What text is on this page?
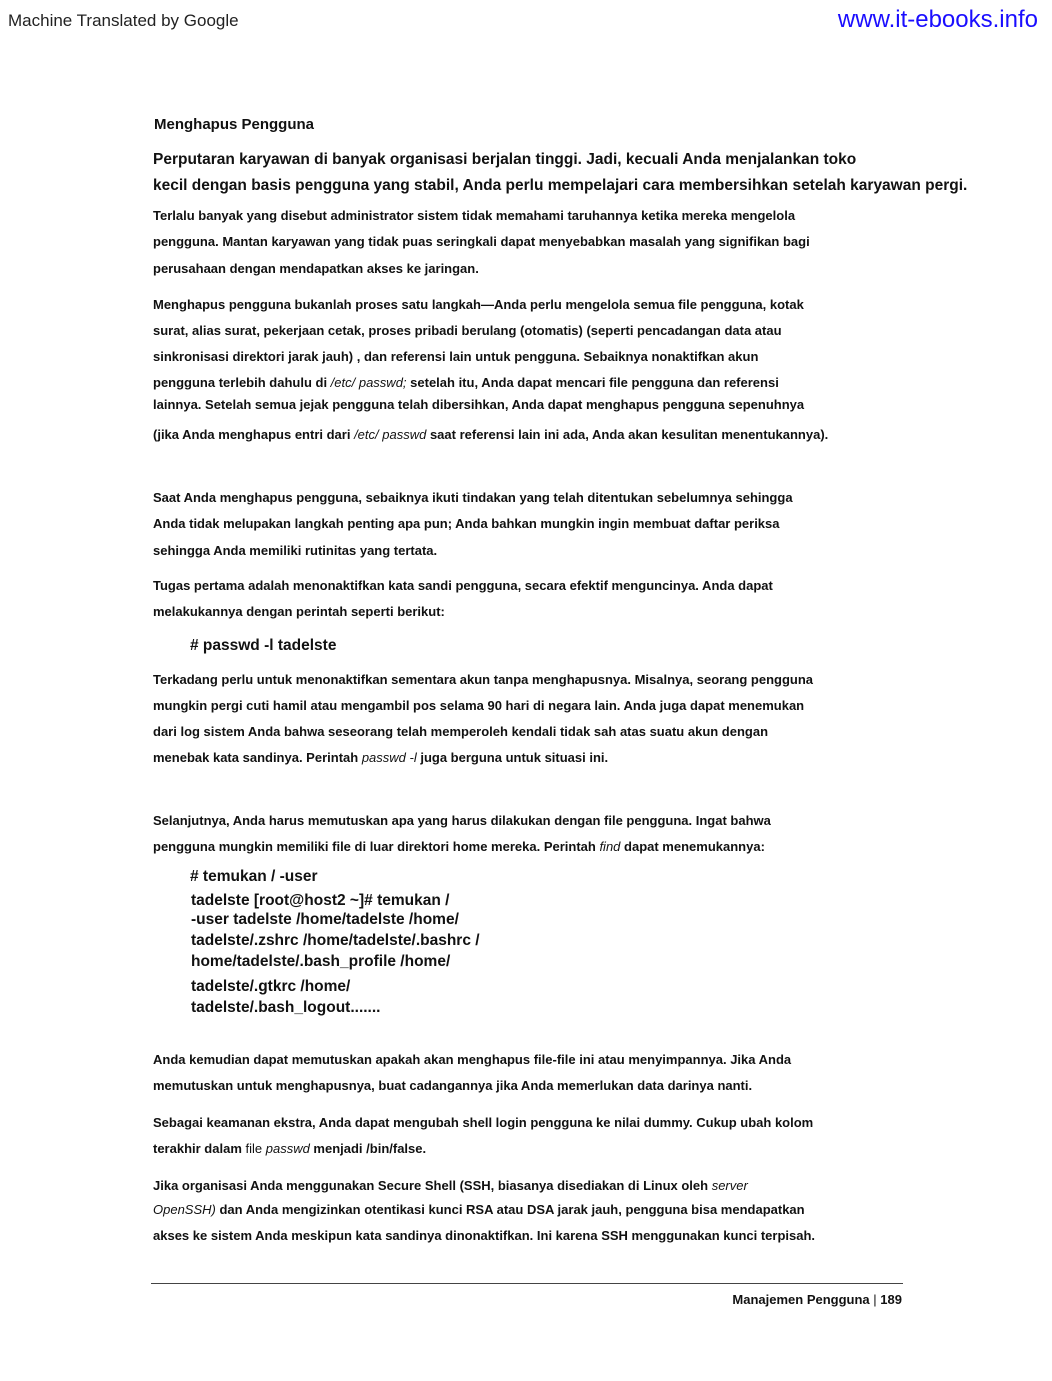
Machine Translated by Google	www.it-ebooks.info
Menghapus Pengguna
Perputaran karyawan di banyak organisasi berjalan tinggi. Jadi, kecuali Anda menjalankan toko
kecil dengan basis pengguna yang stabil, Anda perlu mempelajari cara membersihkan setelah karyawan pergi.
Terlalu banyak yang disebut administrator sistem tidak memahami taruhannya ketika mereka mengelola
pengguna. Mantan karyawan yang tidak puas seringkali dapat menyebabkan masalah yang signifikan bagi
perusahaan dengan mendapatkan akses ke jaringan.
Menghapus pengguna bukanlah proses satu langkah—Anda perlu mengelola semua file pengguna, kotak
surat, alias surat, pekerjaan cetak, proses pribadi berulang (otomatis) (seperti pencadangan data atau
sinkronisasi direktori jarak jauh) , dan referensi lain untuk pengguna. Sebaiknya nonaktifkan akun
pengguna terlebih dahulu di /etc/ passwd; setelah itu, Anda dapat mencari file pengguna dan referensi
lainnya. Setelah semua jejak pengguna telah dibersihkan, Anda dapat menghapus pengguna sepenuhnya
(jika Anda menghapus entri dari /etc/ passwd saat referensi lain ini ada, Anda akan kesulitan menentukannya).
Saat Anda menghapus pengguna, sebaiknya ikuti tindakan yang telah ditentukan sebelumnya sehingga
Anda tidak melupakan langkah penting apa pun; Anda bahkan mungkin ingin membuat daftar periksa
sehingga Anda memiliki rutinitas yang tertata.
Tugas pertama adalah menonaktifkan kata sandi pengguna, secara efektif menguncinya. Anda dapat
melakukannya dengan perintah seperti berikut:
# passwd -l tadelste
Terkadang perlu untuk menonaktifkan sementara akun tanpa menghapusnya. Misalnya, seorang pengguna
mungkin pergi cuti hamil atau mengambil pos selama 90 hari di negara lain. Anda juga dapat menemukan
dari log sistem Anda bahwa seseorang telah memperoleh kendali tidak sah atas suatu akun dengan
menebak kata sandinya. Perintah passwd -l juga berguna untuk situasi ini.
Selanjutnya, Anda harus memutuskan apa yang harus dilakukan dengan file pengguna. Ingat bahwa
pengguna mungkin memiliki file di luar direktori home mereka. Perintah find dapat menemukannya:
# temukan / -user
tadelste [root@host2 ~]# temukan /
-user tadelste /home/tadelste /home/
tadelste/.zshrc /home/tadelste/.bashrc /
home/tadelste/.bash_profile /home/
tadelste/.gtkrc /home/
tadelste/.bash_logout.......
Anda kemudian dapat memutuskan apakah akan menghapus file-file ini atau menyimpannya. Jika Anda
memutuskan untuk menghapusnya, buat cadangannya jika Anda memerlukan data darinya nanti.
Sebagai keamanan ekstra, Anda dapat mengubah shell login pengguna ke nilai dummy. Cukup ubah kolom
terakhir dalam file passwd menjadi /bin/false.
Jika organisasi Anda menggunakan Secure Shell (SSH, biasanya disediakan di Linux oleh server
OpenSSH) dan Anda mengizinkan otentikasi kunci RSA atau DSA jarak jauh, pengguna bisa mendapatkan
akses ke sistem Anda meskipun kata sandinya dinonaktifkan. Ini karena SSH menggunakan kunci terpisah.
Manajemen Pengguna | 189
